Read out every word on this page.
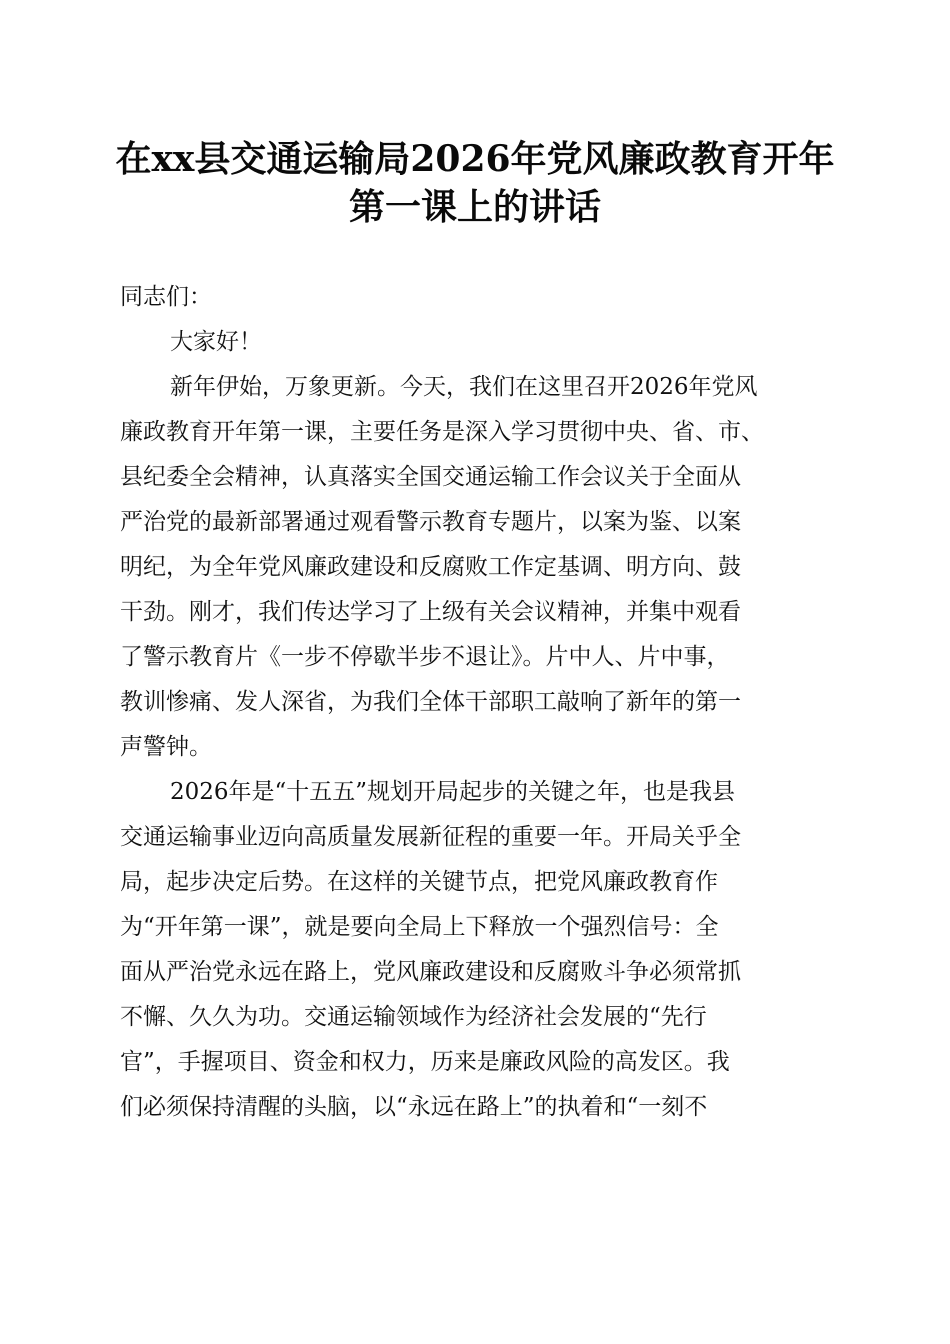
在xx县交通运输局2026年党风廉政教育开年
第一课上的讲话

同志们：

大家好！

新年伊始，万象更新。今天，我们在这里召开2026年党风

廉政教育开年第一课，主要任务是深入学习贯彻中央、省、市、

县纪委全会精神，认真落实全国交通运输工作会议关于全面从

严治党的最新部署通过观看警示教育专题片，以案为鉴、以案

明纪，为全年党风廉政建设和反腐败工作定基调、明方向、鼓

干劲。刚才，我们传达学习了上级有关会议精神，并集中观看

了警示教育片《一步不停歇半步不退让》。片中人、片中事，

教训惨痛、发人深省，为我们全体干部职工敲响了新年的第一

声警钟。

2026年是“十五五”规划开局起步的关键之年，也是我县

交通运输事业迈向高质量发展新征程的重要一年。开局关乎全

局，起步决定后势。在这样的关键节点，把党风廉政教育作

为“开年第一课”，就是要向全局上下释放一个强烈信号：全

面从严治党永远在路上，党风廉政建设和反腐败斗争必须常抓

不懈、久久为功。交通运输领域作为经济社会发展的“先行

官”，手握项目、资金和权力，历来是廉政风险的高发区。我

们必须保持清醒的头脑，以“永远在路上”的执着和“一刻不
